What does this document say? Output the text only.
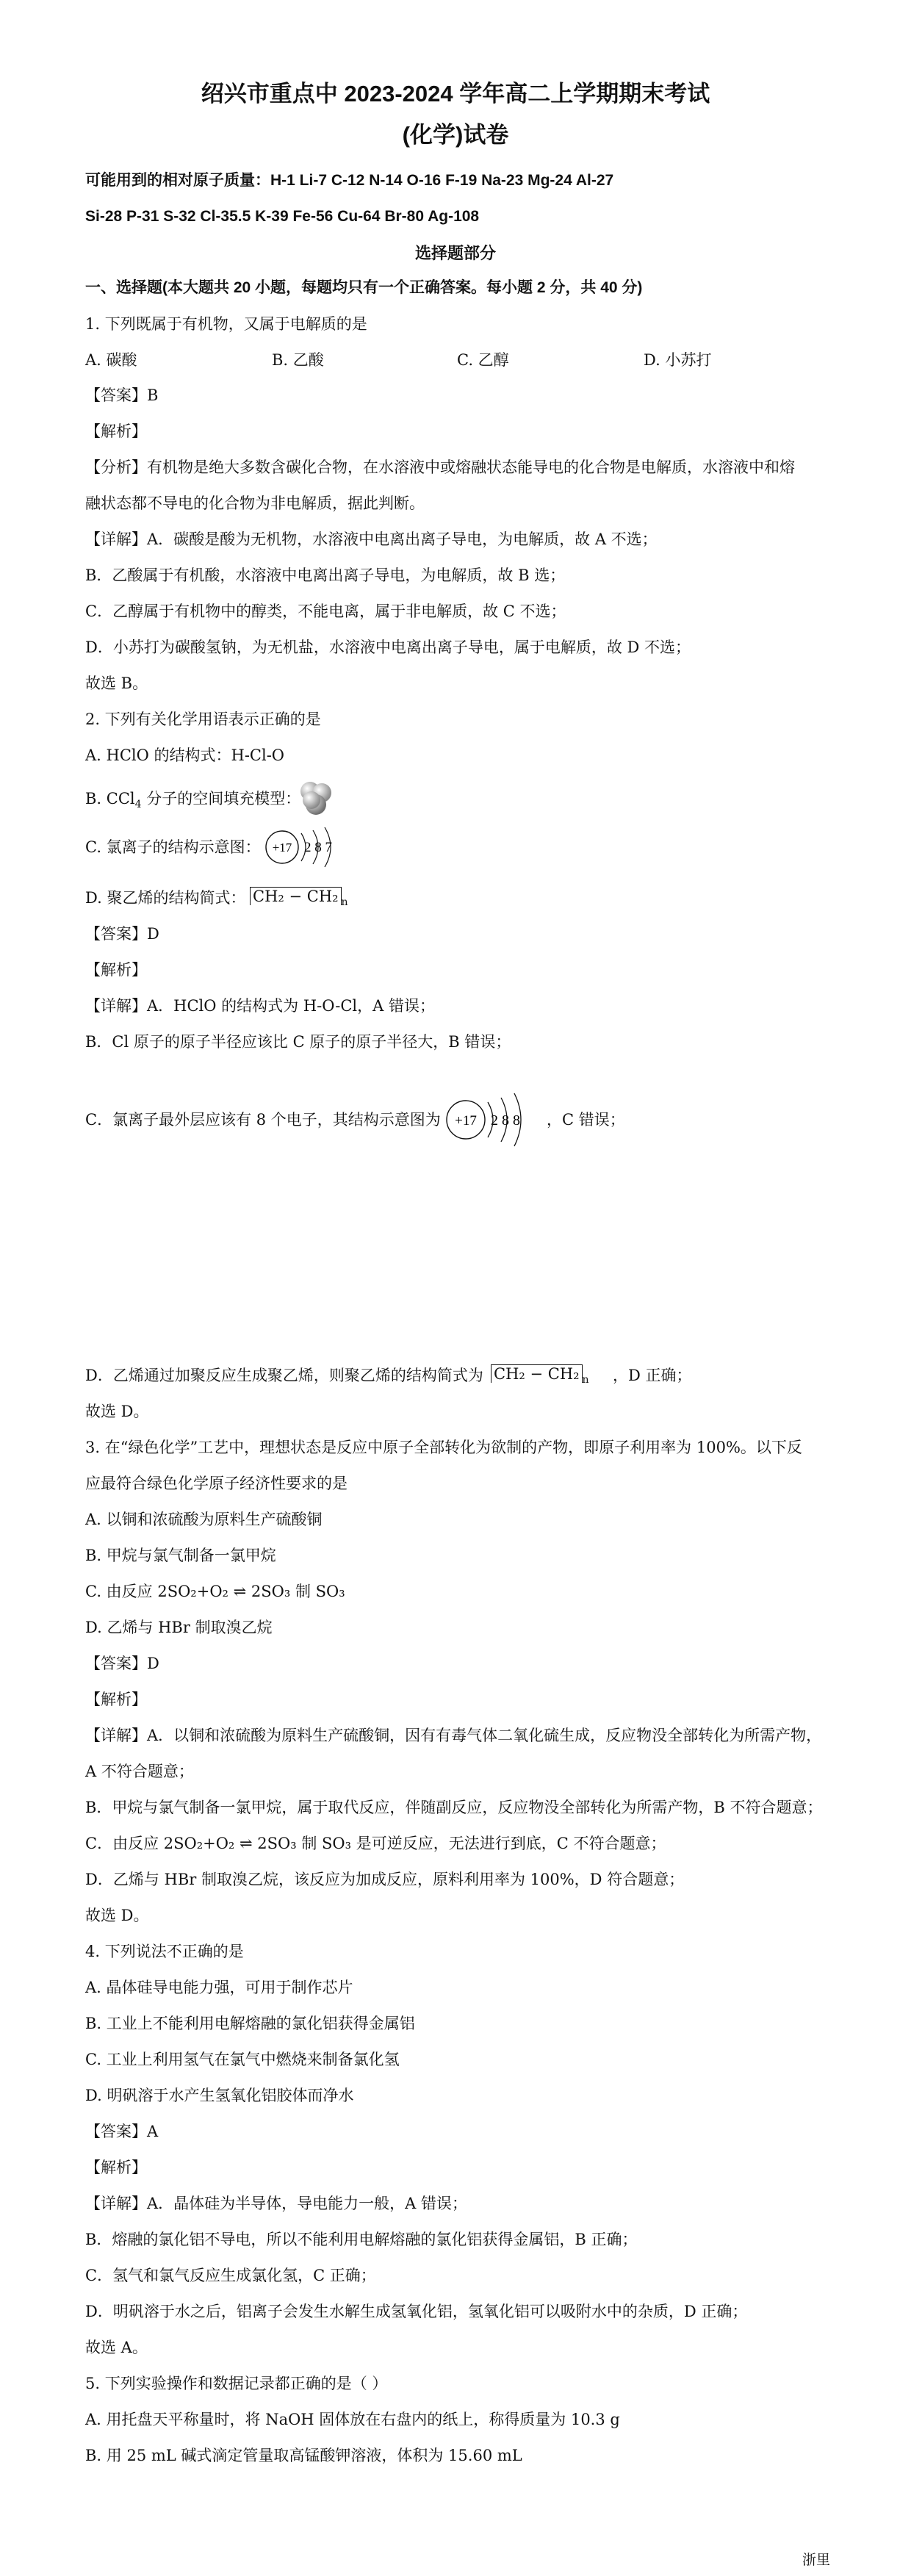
绍兴市重点中 2023-2024 学年高二上学期期末考试
(化学)试卷
可能用到的相对原子质量：H-1 Li-7 C-12 N-14 O-16 F-19 Na-23 Mg-24 Al-27
Si-28 P-31 S-32 Cl-35.5 K-39 Fe-56 Cu-64 Br-80 Ag-108
选择题部分
一、选择题(本大题共 20 小题，每题均只有一个正确答案。每小题 2 分，共 40 分)
1. 下列既属于有机物，又属于电解质的是
A. 碳酸	B. 乙酸	C. 乙醇	D. 小苏打
【答案】B
【解析】
【分析】有机物是绝大多数含碳化合物，在水溶液中或熔融状态能导电的化合物是电解质，水溶液中和熔
融状态都不导电的化合物为非电解质，据此判断。
【详解】A．碳酸是酸为无机物，水溶液中电离出离子导电，为电解质，故 A 不选；
B．乙酸属于有机酸，水溶液中电离出离子导电，为电解质，故 B 选；
C．乙醇属于有机物中的醇类，不能电离，属于非电解质，故 C 不选；
D．小苏打为碳酸氢钠，为无机盐，水溶液中电离出离子导电，属于电解质，故 D 不选；
故选 B。
2. 下列有关化学用语表示正确的是
A. HClO 的结构式：H-Cl-O
B. CCl$_4$ 分子的空间填充模型：
C. 氯离子的结构示意图： +17 2 8 7
D. 聚乙烯的结构简式： CH₂ − CH₂ $_n$
【答案】D
【解析】
【详解】A．HClO 的结构式为 H-O-Cl，A 错误；
B．Cl 原子的原子半径应该比 C 原子的原子半径大，B 错误；
C．氯离子最外层应该有 8 个电子，其结构示意图为 +17 2 8 8 ，C 错误；
D．乙烯通过加聚反应生成聚乙烯，则聚乙烯的结构简式为 CH₂ − CH₂ $_n$ ，D 正确；
故选 D。
3. 在“绿色化学”工艺中，理想状态是反应中原子全部转化为欲制的产物，即原子利用率为 100%。以下反
应最符合绿色化学原子经济性要求的是
A. 以铜和浓硫酸为原料生产硫酸铜
B. 甲烷与氯气制备一氯甲烷
C. 由反应 2SO₂+O₂ ⇌ 2SO₃ 制 SO₃
D. 乙烯与 HBr 制取溴乙烷
【答案】D
【解析】
【详解】A．以铜和浓硫酸为原料生产硫酸铜，因有有毒气体二氧化硫生成，反应物没全部转化为所需产物，
A 不符合题意；
B．甲烷与氯气制备一氯甲烷，属于取代反应，伴随副反应，反应物没全部转化为所需产物，B 不符合题意；
C．由反应 2SO₂+O₂ ⇌ 2SO₃ 制 SO₃ 是可逆反应，无法进行到底，C 不符合题意；
D．乙烯与 HBr 制取溴乙烷，该反应为加成反应，原料利用率为 100%，D 符合题意；
故选 D。
4. 下列说法不正确的是
A. 晶体硅导电能力强，可用于制作芯片
B. 工业上不能利用电解熔融的氯化铝获得金属铝
C. 工业上利用氢气在氯气中燃烧来制备氯化氢
D. 明矾溶于水产生氢氧化铝胶体而净水
【答案】A
【解析】
【详解】A．晶体硅为半导体，导电能力一般，A 错误；
B．熔融的氯化铝不导电，所以不能利用电解熔融的氯化铝获得金属铝，B 正确；
C．氢气和氯气反应生成氯化氢，C 正确；
D．明矾溶于水之后，铝离子会发生水解生成氢氧化铝，氢氧化铝可以吸附水中的杂质，D 正确；
故选 A。
5. 下列实验操作和数据记录都正确的是（ ）
A. 用托盘天平称量时，将 NaOH 固体放在右盘内的纸上，称得质量为 10.3 g
B. 用 25 mL 碱式滴定管量取高锰酸钾溶液，体积为 15.60 mL
浙里
